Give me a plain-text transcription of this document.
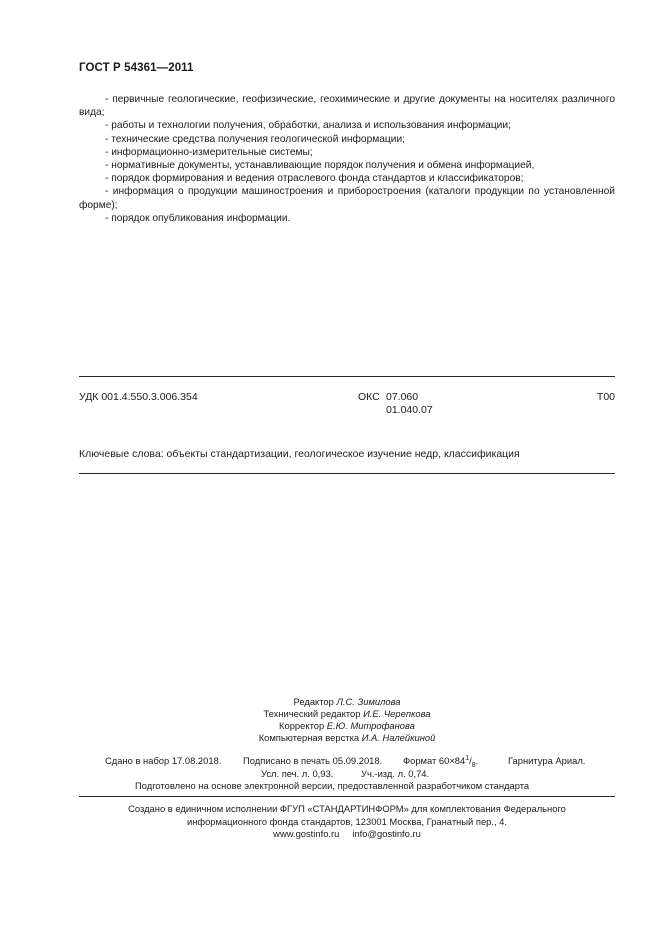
ГОСТ Р 54361—2011

- первичные геологические, геофизические, геохимические и другие документы на носителях различного вида;

- работы и технологии получения, обработки, анализа и использования информации;

- технические средства получения геологической информации;

- информационно-измерительные системы;

- нормативные документы, устанавливающие порядок получения и обмена информацией,

- порядок формирования и ведения отраслевого фонда стандартов и классификаторов;

- информация о продукции машиностроения и приборостроения (каталоги продукции по установленной форме);

- порядок опубликования информации.

УДК 001.4.550.3.006.354	ОКС 07.060
01.040.07
Т00
Ключевые слова: объекты стандартизации, геологическое изучение недр, классификация
Редактор Л.С. Зимилова
Технический редактор И.Е. Черепкова
Корректор Е.Ю. Митрофанова
Компьютерная верстка И.А. Налейкиной
Сдано в набор 17.08.2018. Подписано в печать 05.09.2018. Формат $60\times 84^1/_8$.	Гарнитура Ариал.
Усл. печ. л. 0,93.	Уч.-изд. л. 0,74.
Подготовлено на основе электронной версии, предоставленной разработчиком стандарта
Создано в единичном исполнении ФГУП «СТАНДАРТИНФОРМ» для комплектования Федерального
информационного фонда стандартов, 123001 Москва, Гранатный пер., 4.
www.gostinfo.ru info@gostinfo.ru
